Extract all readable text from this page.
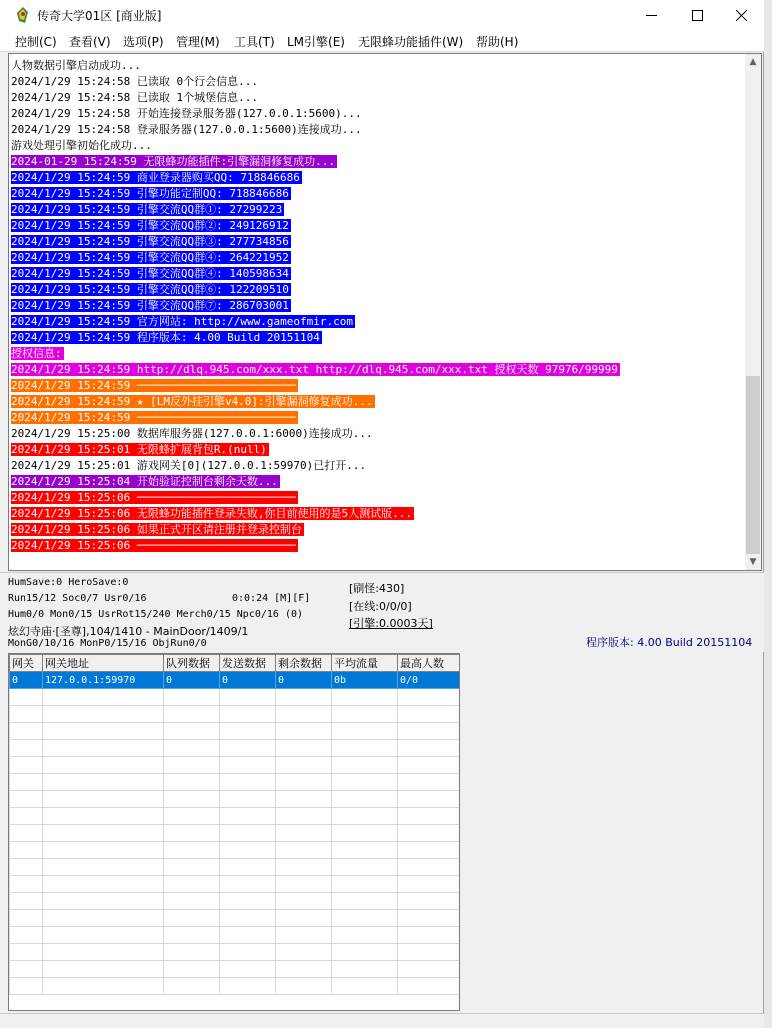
传奇大学01区 [商业版]
控制(C) 查看(V) 选项(P) 管理(M) 工具(T) LM引擎(E) 无限蜂功能插件(W) 帮助(H)
人物数据引擎启动成功...
2024/1/29 15:24:58 已读取 0个行会信息...
2024/1/29 15:24:58 已读取 1个城堡信息...
2024/1/29 15:24:58 开始连接登录服务器(127.0.0.1:5600)...
2024/1/29 15:24:58 登录服务器(127.0.0.1:5600)连接成功...
游戏处理引擎初始化成功...
2024-01-29 15:24:59 无限蜂功能插件:引擎漏洞修复成功...
2024/1/29 15:24:59 商业登录器购买QQ: 718846686
2024/1/29 15:24:59 引擎功能定制QQ: 718846686
2024/1/29 15:24:59 引擎交流QQ群①: 27299223
2024/1/29 15:24:59 引擎交流QQ群②: 249126912
2024/1/29 15:24:59 引擎交流QQ群③: 277734856
2024/1/29 15:24:59 引擎交流QQ群④: 264221952
2024/1/29 15:24:59 引擎交流QQ群④: 140598634
2024/1/29 15:24:59 引擎交流QQ群⑥: 122209510
2024/1/29 15:24:59 引擎交流QQ群⑦: 286703001
2024/1/29 15:24:59 官方网站: http://www.gameofmir.com
2024/1/29 15:24:59 程序版本: 4.00 Build 20151104
授权信息:
2024/1/29 15:24:59 http://dlq.945.com/xxx.txt http://dlq.945.com/xxx.txt 授权天数 97976/99999
2024/1/29 15:24:59 ────────────────────────
2024/1/29 15:24:59 ★ [LM反外挂引擎v4.0]:引擎漏洞修复成功...
2024/1/29 15:24:59 ────────────────────────
2024/1/29 15:25:00 数据库服务器(127.0.0.1:6000)连接成功...
2024/1/29 15:25:01 无限蜂扩展背包R.(null)
2024/1/29 15:25:01 游戏网关[0](127.0.0.1:59970)已打开...
2024/1/29 15:25:04 开始验证控制台剩余天数...
2024/1/29 15:25:06 ────────────────────────
2024/1/29 15:25:06 无限蜂功能插件登录失败,你目前使用的是5人测试版...
2024/1/29 15:25:06 如果正式开区请注册并登录控制台
2024/1/29 15:25:06 ────────────────────────
▲
▼
HumSave:0 HeroSave:0
Run15/12 Soc0/7 Usr0/16	0:0:24 [M][F]
Hum0/0 Mon0/15 UsrRot15/240 Merch0/15 Npc0/16 (0)
炫幻寺庙·[圣尊],104/1410 - MainDoor/1409/1
MonG0/10/16 MonP0/15/16 ObjRun0/0
[刷怪:430]
[在线:0/0/0]
[引擎:0.0003天]
程序版本: 4.00 Build 20151104
网关	网关地址	队列数据	发送数据	剩余数据	平均流量	最高人数
0	127.0.0.1:59970	0	0	0	0b	0/0
